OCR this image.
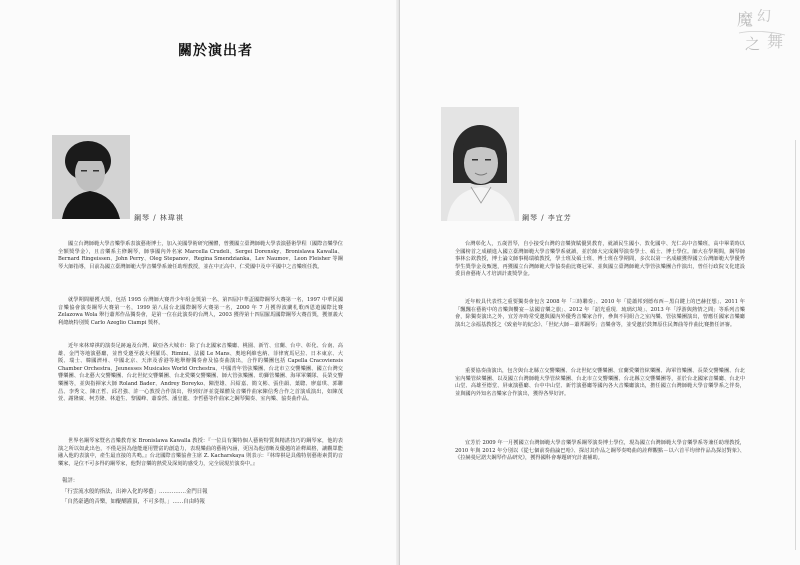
關於演出者
鋼琴 / 林瑋祺

國立台灣師範大學音樂學系表演藝術博士，加入美國學術研究團體，曾獲國立臺灣師範大學表演藝術學程（國際音樂學位全額獎學金），且音樂系主修鋼琴，師事國內外名家 Marcella Crudeli、Sergei Dorensky、Bronislawa Kawalla、Bernard Ringeissen、John Perry、Oleg Stepanov、Regina Smendzianka、Lev Naumov、Leon Fleisher 等鋼琴大師指導，目前為國立臺灣師範大學音樂學系兼任助理教授，並在中正高中、仁愛國中及中平國中之音樂班任教。

就學期間屢獲大獎，包括 1995 台灣師大賽青少年組金獎第一名、第四屆中華盃國際鋼琴大賽第一名，1997 中華民國音樂協會演奏鋼琴大賽第一名，1999 第八屆台北國際鋼琴大賽第一名，2000 年 7 月獲得波蘭札歌西恩遊國際比賽 Zelazowa Wola 舉行蕭邦作品獨奏會，是第一位在此演奏的台灣人，2003 獲得第十四屆羅馬國際鋼琴大賽首獎，獲頒義大利總統特別獎 Carlo Azeglio Ciampi 獎杯。

近年來林瑋祺的演奏足跡遍及台灣、歐亞各大城市：除了台北國家音樂廳、桃園、新竹、宜蘭、台中、彰化、台南、高雄、金門等地演藝廳，並曾受邀至義大利羅馬、Rimini、法國 Le Mans、奧地利維也納、菲律賓馬尼拉、日本東京、大阪、瑞士、韓國濟州、中國北京、天津及香港等地舉辦獨奏會及協奏曲演出，合作的樂團包括 Capella Cracoviensis Chamber Orchestra、Jeunesses Musicales World Orchestra、中國青年管弦樂團、台北市立交響樂團、國立台灣交響樂團、台北藝大交響樂團、台北世紀交響樂團、台北愛樂交響樂團、師大管弦樂團、幼獅管樂團、海軍軍樂隊、長榮交響樂團等，並與指揮家大師 Roland Bader、Andrey Boreyko、陳澄雄、呂紹嘉、簡文彬、張佳韻、葉聰、廖嘉琪、郭聯昌、李秀文、陳正哲、邱君強、許一心教授合作演出，得到好評並從媒體及音樂作曲家陳信秀合作之首演成演出，如陳茂萱、謝隆廣、柯芳隆、林道生、黎國峰、蕭泰然、潘皇龍、李哲藝等作曲家之鋼琴獨奏、室內樂、協奏曲作品。

世界名鋼琴家暨名音樂教育家 Bronislawa Kawalla 教授：『一位具有獨特個人藝術特質與精湛技巧的鋼琴家，他的表演之所以如此出色，不僅是因為他能運用豐富的創造力，表現樂曲的藝術內涵，更因為他清晰及優越的詮釋風格，讓觀眾能融入他的表演中，產生最直接的共鳴。』台北國際音樂協會主席 Z. Kacharskaya 則表示：『林瑋祺是具備特別藝術素質的音樂家，是位不可多得的鋼琴家，他對音樂的熱愛及深刻的感受力，完全展現於演奏中。』

報評：
「行雲流水般的指法，出神入化的琴藝」……………金門日報
「自然豪邁的音樂，如醍醐灌頂，不可多得。」……自由時報
鋼琴 / 李宜芳

台灣彰化人，五歲習琴，自小接受台灣的音樂資賦優異教育，就讀民生國小、敦化國中、光仁高中音樂班，高中畢業時以全國榜首之成績進入國立臺灣師範大學音樂學系就讀，並於師大完成鋼琴演奏學士、碩士、博士學位。師大在學期間，鋼琴師事林公欽教授，博士論文師事楊瑞敏教授，學士班及碩士班、博士班在學期間，多次以第一名成績獲得國立台灣師範大學優秀學生獎學金及甄選，再獲國立台灣師範大學協奏曲比賽冠軍、並與國立臺灣師範大學管弦樂團合作演出，曾任行政院文化建設委員會藝術人才培訓計畫獎學金。

近年較具代表性之重要獨奏會包含 2008 年「三時聯奏」、2010 年「從蕭邦到德布西－黑白鍵上的巴赫狂想」、2011 年「飄飄在藝術中的音樂與饗宴－法國音樂之旅」、2012 年「韶光重現．琉璃幻境」、2013 年「浮游與熱情之間」等系列音樂會，除獨奏演出之外，宜芳亦時常受邀與國內外優秀音樂家合作，參與不同組合之室內樂、管弦樂團演出，曾應任國家音樂廳演出之余福基教授之《致童年的紀念》、「世紀大師－蕭邦鋼琴」音樂會等，並受邀於鼓舞原住民舞曲等作曲比賽擔任評審。

重要協奏曲演出，包含與台北縣立交響樂團、台北世紀交響樂團、宜蘭愛樂管絃樂團、海軍管樂團、長榮交響樂團、台北室內樂管絃樂團、以及國立台灣師範大學管絃樂團、台北市立交響樂團、台北縣立交響樂團等，並於台北國家音樂廳、台北中山堂、高雄至德堂、屏東演藝廳、台中中山堂、新竹演藝廳等國內各大音樂廳演出，擔任國立台灣師範大學音樂學系之伴奏，並與國內外知名音樂家合作演出，獲得各界好評。

宜芳於 2009 年一月獲國立台灣師範大學音樂學系鋼琴演奏博士學位，現為國立台灣師範大學音樂學系等兼任助理教授，2010 年與 2012 年分別以《從七個前奏曲論巴哈》、探討其作品之鋼琴奏鳴曲的詮釋觀點－以六首平均律作品為探討對象》、《拉赫曼尼諾夫鋼琴作品研究》，獲得國科會專題研究計畫補助。

魔 幻
之 舞
